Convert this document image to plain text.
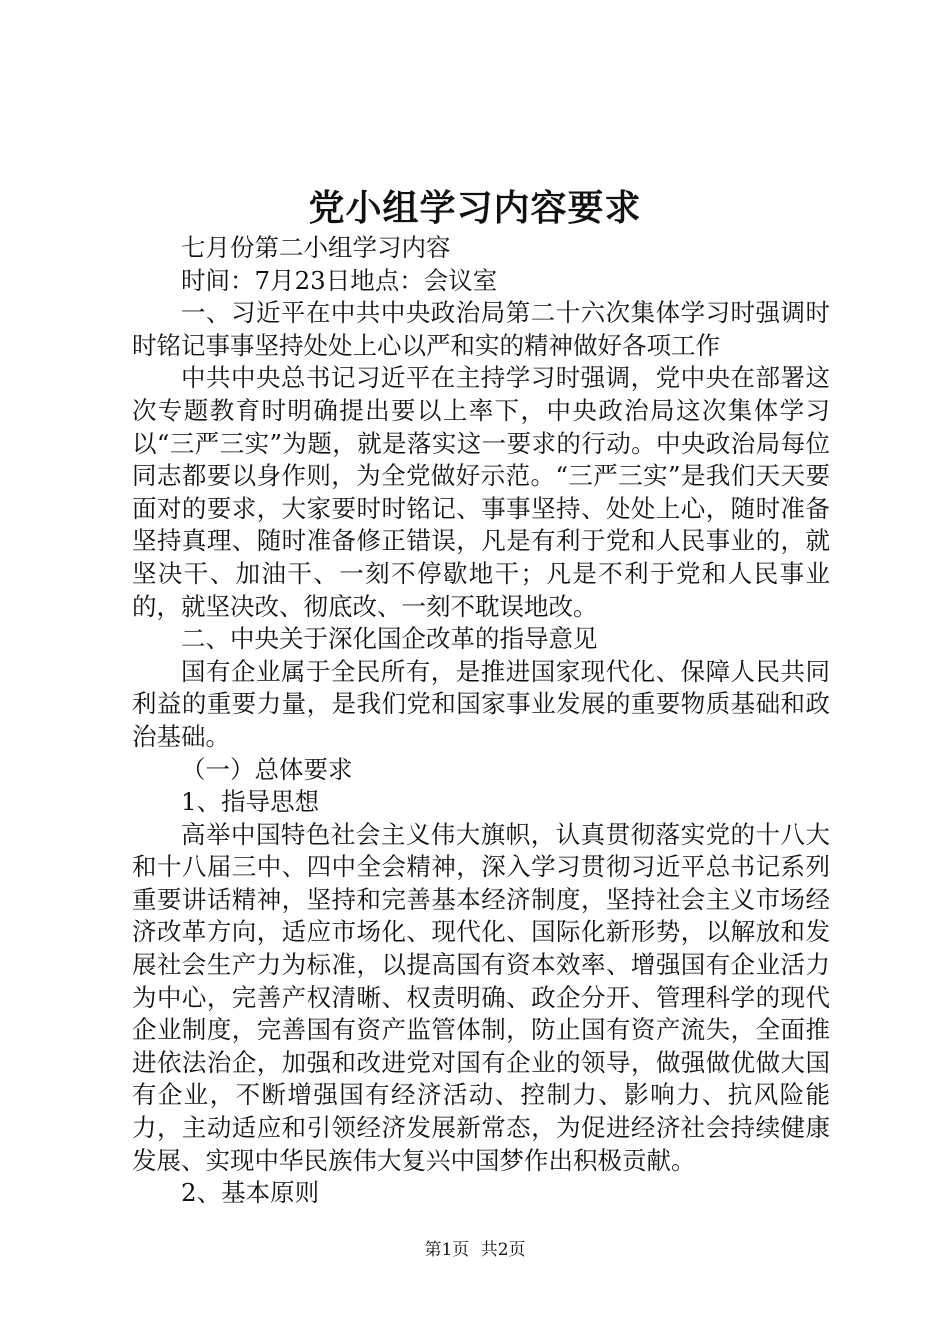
党小组学习内容要求

七月份第二小组学习内容

时间：7月23日地点：会议室

一、习近平在中共中央政治局第二十六次集体学习时强调时时铭记事事坚持处处上心以严和实的精神做好各项工作

中共中央总书记习近平在主持学习时强调，党中央在部署这次专题教育时明确提出要以上率下，中央政治局这次集体学习以“三严三实”为题，就是落实这一要求的行动。中央政治局每位同志都要以身作则，为全党做好示范。“三严三实”是我们天天要面对的要求，大家要时时铭记、事事坚持、处处上心，随时准备坚持真理、随时准备修正错误，凡是有利于党和人民事业的，就坚决干、加油干、一刻不停歇地干；凡是不利于党和人民事业的，就坚决改、彻底改、一刻不耽误地改。

二、中央关于深化国企改革的指导意见

国有企业属于全民所有，是推进国家现代化、保障人民共同利益的重要力量，是我们党和国家事业发展的重要物质基础和政治基础。

（一）总体要求

1、指导思想

高举中国特色社会主义伟大旗帜，认真贯彻落实党的十八大和十八届三中、四中全会精神，深入学习贯彻习近平总书记系列重要讲话精神，坚持和完善基本经济制度，坚持社会主义市场经济改革方向，适应市场化、现代化、国际化新形势，以解放和发展社会生产力为标准，以提高国有资本效率、增强国有企业活力为中心，完善产权清晰、权责明确、政企分开、管理科学的现代企业制度，完善国有资产监管体制，防止国有资产流失，全面推进依法治企，加强和改进党对国有企业的领导，做强做优做大国有企业，不断增强国有经济活动、控制力、影响力、抗风险能力，主动适应和引领经济发展新常态，为促进经济社会持续健康发展、实现中华民族伟大复兴中国梦作出积极贡献。

2、基本原则

第1页 共2页
